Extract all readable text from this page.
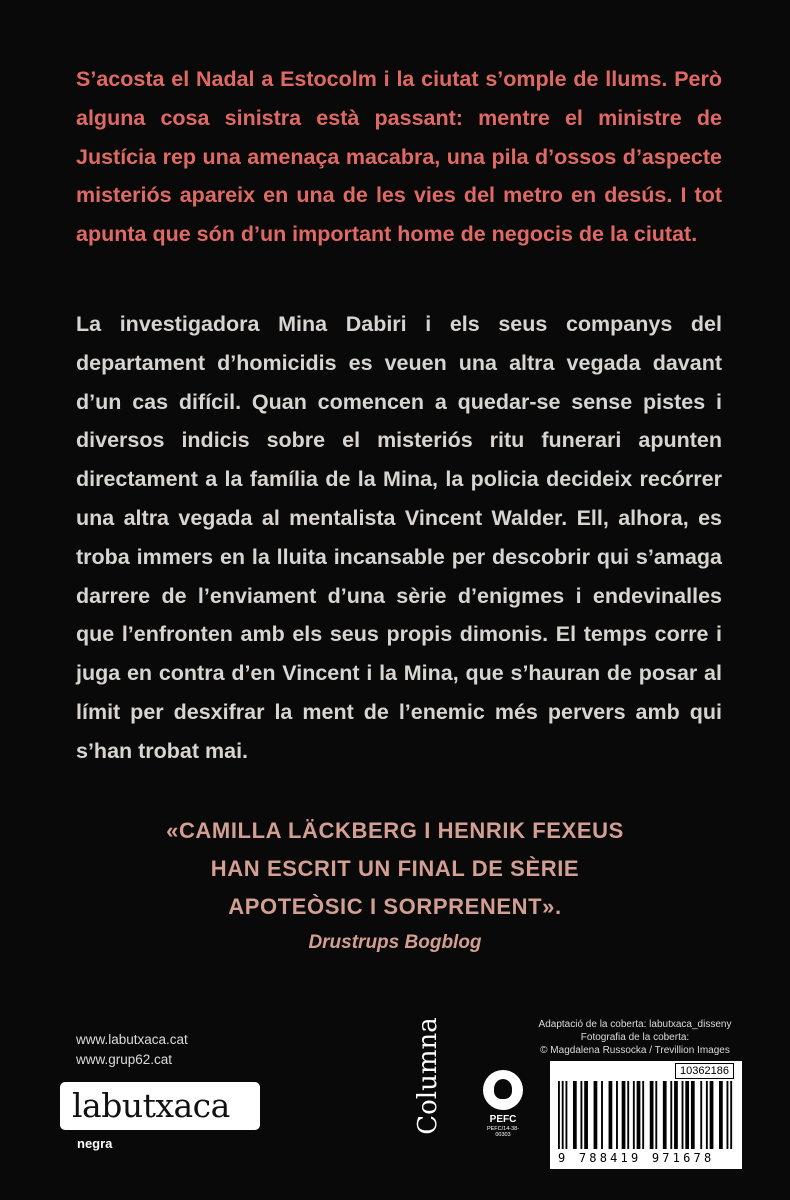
S’acosta el Nadal a Estocolm i la ciutat s’omple de llums. Però alguna cosa sinistra està passant: mentre el ministre de Justícia rep una amenaça macabra, una pila d’ossos d’aspecte misteriós apareix en una de les vies del metro en desús. I tot apunta que són d’un important home de negocis de la ciutat.

La investigadora Mina Dabiri i els seus companys del departament d’homicidis es veuen una altra vegada davant d’un cas difícil. Quan comencen a quedar-se sense pistes i diversos indicis sobre el misteriós ritu funerari apunten directament a la família de la Mina, la policia decideix recórrer una altra vegada al mentalista Vincent Walder. Ell, alhora, es troba immers en la lluita incansable per descobrir qui s’amaga darrere de l’enviament d’una sèrie d’enigmes i endevinalles que l’enfronten amb els seus propis dimonis. El temps corre i juga en contra d’en Vincent i la Mina, que s’hauran de posar al límit per desxifrar la ment de l’enemic més pervers amb qui s’han trobat mai.

«CAMILLA LÄCKBERG I HENRIK FEXEUS
HAN ESCRIT UN FINAL DE SÈRIE
APOTEÒSIC I SORPRENENT».
Drustrups Bogblog
www.labutxaca.cat
www.grup62.cat
labutxaca
negra
Columna	PEFC
PEFC/14-38-00303
Adaptació de la coberta: labutxaca_disseny
Fotografia de la coberta:
© Magdalena Russocka / Trevillion Images
10362186
9 788419 971678
